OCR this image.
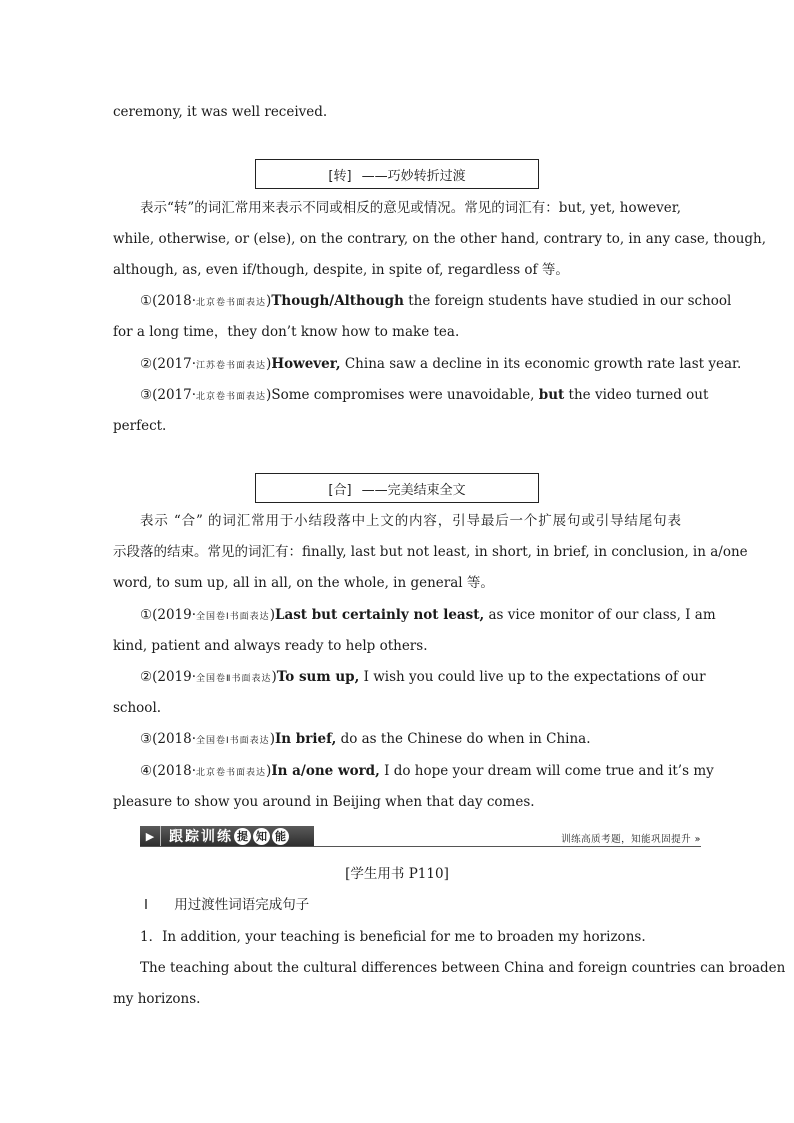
ceremony, it was well received.
[转] ——巧妙转折过渡
表示“转”的词汇常用来表示不同或相反的意见或情况。常见的词汇有：but, yet, however,
while, otherwise, or (else), on the contrary, on the other hand, contrary to, in any case, though,
although, as, even if/though, despite, in spite of, regardless of 等。
①(2018·北京卷书面表达)Though/Although the foreign students have studied in our school
for a long time，they don’t know how to make tea.
②(2017·江苏卷书面表达)However, China saw a decline in its economic growth rate last year.
③(2017·北京卷书面表达)Some compromises were unavoidable, but the video turned out
perfect.
[合] ——完美结束全文
表示 “合” 的词汇常用于小结段落中上文的内容，引导最后一个扩展句或引导结尾句表
示段落的结束。常见的词汇有：finally, last but not least, in short, in brief, in conclusion, in a/one
word, to sum up, all in all, on the whole, in general 等。
①(2019·全国卷Ⅰ书面表达)Last but certainly not least, as vice monitor of our class, I am
kind, patient and always ready to help others.
②(2019·全国卷Ⅱ书面表达)To sum up, I wish you could live up to the expectations of our
school.
③(2018·全国卷Ⅰ书面表达)In brief, do as the Chinese do when in China.
④(2018·北京卷书面表达)In a/one word, I do hope your dream will come true and it’s my
pleasure to show you around in Beijing when that day comes.
▶	跟踪训练 提 知 能	训练高质考题，知能巩固提升 »
[学生用书 P110]
Ⅰ 用过渡性词语完成句子
1．In addition, your teaching is beneficial for me to broaden my horizons.
The teaching about the cultural differences between China and foreign countries can broaden
my horizons.
